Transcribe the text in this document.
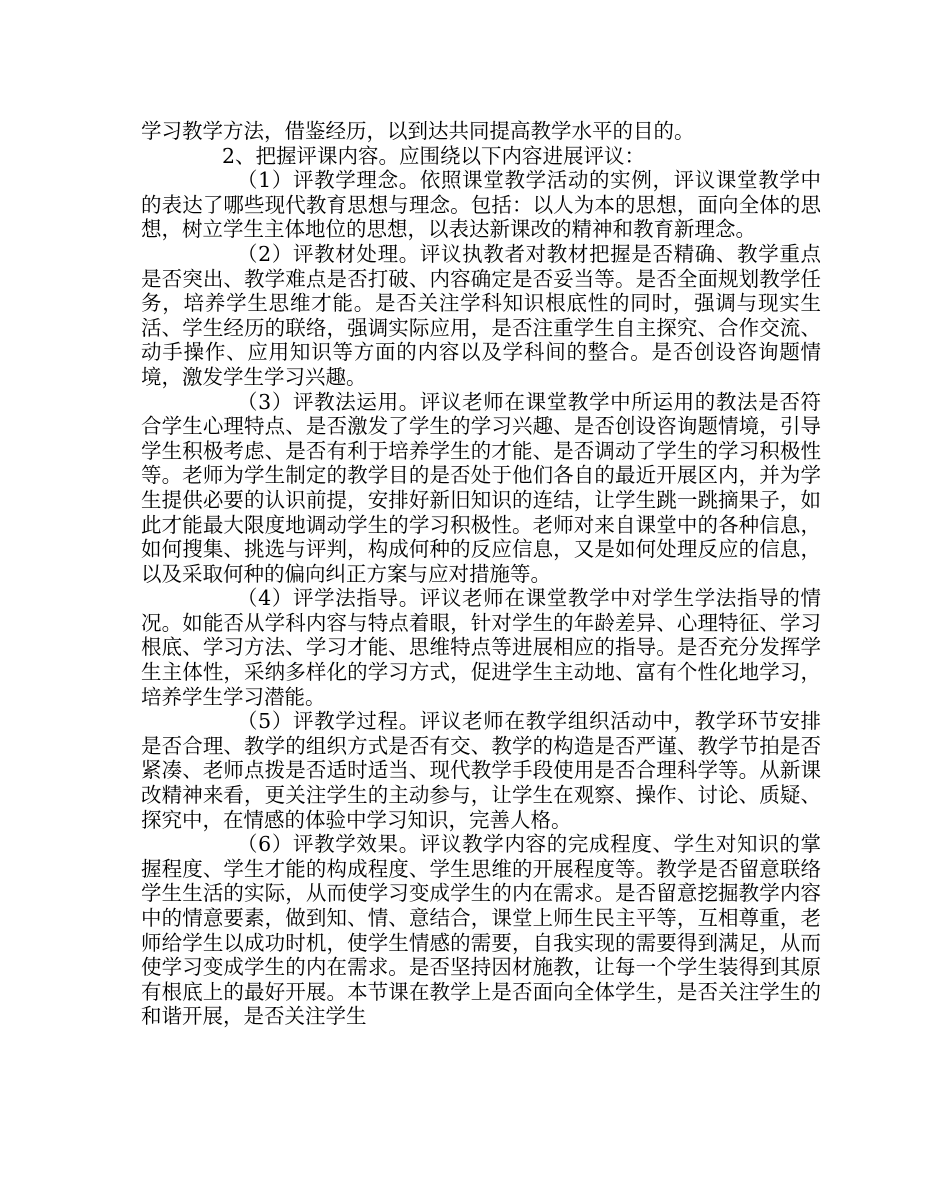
学习教学方法，借鉴经历，以到达共同提高教学水平的目的。

2、把握评课内容。应围绕以下内容进展评议：

（1）评教学理念。依照课堂教学活动的实例，评议课堂教学中的表达了哪些现代教育思想与理念。包括：以人为本的思想，面向全体的思想，树立学生主体地位的思想，以表达新课改的精神和教育新理念。

（2）评教材处理。评议执教者对教材把握是否精确、教学重点是否突出、教学难点是否打破、内容确定是否妥当等。是否全面规划教学任务，培养学生思维才能。是否关注学科知识根底性的同时，强调与现实生活、学生经历的联络，强调实际应用，是否注重学生自主探究、合作交流、动手操作、应用知识等方面的内容以及学科间的整合。是否创设咨询题情境，激发学生学习兴趣。

（3）评教法运用。评议老师在课堂教学中所运用的教法是否符合学生心理特点、是否激发了学生的学习兴趣、是否创设咨询题情境，引导学生积极考虑、是否有利于培养学生的才能、是否调动了学生的学习积极性等。老师为学生制定的教学目的是否处于他们各自的最近开展区内，并为学生提供必要的认识前提，安排好新旧知识的连结，让学生跳一跳摘果子，如此才能最大限度地调动学生的学习积极性。老师对来自课堂中的各种信息，如何搜集、挑选与评判，构成何种的反应信息，又是如何处理反应的信息，以及采取何种的偏向纠正方案与应对措施等。

（4）评学法指导。评议老师在课堂教学中对学生学法指导的情况。如能否从学科内容与特点着眼，针对学生的年龄差异、心理特征、学习根底、学习方法、学习才能、思维特点等进展相应的指导。是否充分发挥学生主体性，采纳多样化的学习方式，促进学生主动地、富有个性化地学习，培养学生学习潜能。

（5）评教学过程。评议老师在教学组织活动中，教学环节安排是否合理、教学的组织方式是否有交、教学的构造是否严谨、教学节拍是否紧凑、老师点拨是否适时适当、现代教学手段使用是否合理科学等。从新课改精神来看，更关注学生的主动参与，让学生在观察、操作、讨论、质疑、探究中，在情感的体验中学习知识，完善人格。

（6）评教学效果。评议教学内容的完成程度、学生对知识的掌握程度、学生才能的构成程度、学生思维的开展程度等。教学是否留意联络学生生活的实际，从而使学习变成学生的内在需求。是否留意挖掘教学内容中的情意要素，做到知、情、意结合，课堂上师生民主平等，互相尊重，老师给学生以成功时机，使学生情感的需要，自我实现的需要得到满足，从而使学习变成学生的内在需求。是否坚持因材施教，让每一个学生装得到其原有根底上的最好开展。本节课在教学上是否面向全体学生，是否关注学生的和谐开展，是否关注学生
